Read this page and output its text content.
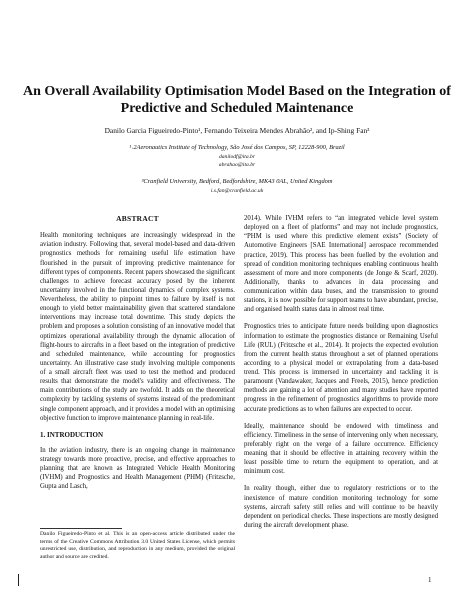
An Overall Availability Optimisation Model Based on the Integration of Predictive and Scheduled Maintenance
Danilo Garcia Figueiredo-Pinto¹, Fernando Teixeira Mendes Abrahão², and Ip-Shing Fan³
¹˒2Aeronautics Institute of Technology, São José dos Campos, SP, 12228-900, Brazil
danilodf@ita.br
abrahao@ita.br
³Cranfield University, Bedford, Bedfordshire, MK43 0AL, United Kingdom
i.s.fan@cranfield.ac.uk
ABSTRACT

Health monitoring techniques are increasingly widespread in the aviation industry. Following that, several model-based and data-driven prognostics methods for remaining useful life estimation have flourished in the pursuit of improving predictive maintenance for different types of components. Recent papers showcased the significant challenges to achieve forecast accuracy posed by the inherent uncertainty involved in the functional dynamics of complex systems. Nevertheless, the ability to pinpoint times to failure by itself is not enough to yield better maintainability given that scattered standalone interventions may increase total downtime. This study depicts the problem and proposes a solution consisting of an innovative model that optimizes operational availability through the dynamic allocation of flight-hours to aircrafts in a fleet based on the integration of predictive and scheduled maintenance, while accounting for prognostics uncertainty. An illustrative case study involving multiple components of a small aircraft fleet was used to test the method and produced results that demonstrate the model's validity and effectiveness. The main contributions of the study are twofold. It adds on the theoretical complexity by tackling systems of systems instead of the predominant single component approach, and it provides a model with an optimising objective function to improve maintenance planning in real-life.

1. INTRODUCTION

In the aviation industry, there is an ongoing change in maintenance strategy towards more proactive, precise, and effective approaches to planning that are known as Integrated Vehicle Health Monitoring (IVHM) and Prognostics and Health Management (PHM) (Fritzsche, Gupta and Lasch,

Danilo Figueiredo-Pinto et al. This is an open-access article distributed under the terms of the Creative Commons Attribution 3.0 United States License, which permits unrestricted use, distribution, and reproduction in any medium, provided the original author and source are credited.

2014). While IVHM refers to “an integrated vehicle level system deployed on a fleet of platforms” and may not include prognostics, “PHM is used where this predictive element exists” (Society of Automotive Engineers [SAE International] aerospace recommended practice, 2019). This process has been fuelled by the evolution and spread of condition monitoring techniques enabling continuous health assessment of more and more components (de Jonge & Scarf, 2020). Additionally, thanks to advances in data processing and communication within data buses, and the transmission to ground stations, it is now possible for support teams to have abundant, precise, and organised health status data in almost real time.

Prognostics tries to anticipate future needs building upon diagnostics information to estimate the prognostics distance or Remaining Useful Life (RUL) (Fritzsche et al., 2014). It projects the expected evolution from the current health status throughout a set of planned operations according to a physical model or extrapolating from a data-based trend. This process is immersed in uncertainty and tackling it is paramount (Vandawaker, Jacques and Freels, 2015), hence prediction methods are gaining a lot of attention and many studies have reported progress in the refinement of prognostics algorithms to provide more accurate predictions as to when failures are expected to occur.

Ideally, maintenance should be endowed with timeliness and efficiency. Timeliness in the sense of intervening only when necessary, preferably right on the verge of a failure occurrence. Efficiency meaning that it should be effective in attaining recovery within the least possible time to return the equipment to operation, and at minimum cost.

In reality though, either due to regulatory restrictions or to the inexistence of mature condition monitoring technology for some systems, aircraft safety still relies and will continue to be heavily dependent on periodical checks. These inspections are mostly designed during the aircraft development phase.

1
